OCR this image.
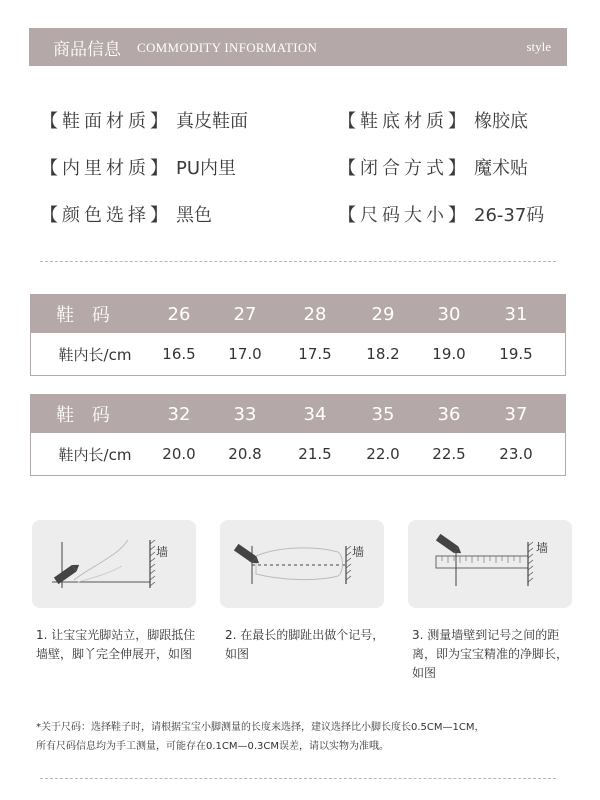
商品信息 COMMODITY INFORMATION	style
【鞋面材质】 真皮鞋面	【鞋底材质】 橡胶底
【内里材质】 PU内里	【闭合方式】 魔术贴
【颜色选择】 黑色	【尺码大小】 26-37码
鞋 码	26	27	28	29	30	31
鞋内长/cm	16.5	17.0	17.5	18.2	19.0	19.5
鞋 码	32	33	34	35	36	37
鞋内长/cm	20.0	20.8	21.5	22.0	22.5	23.0
墙	墙	墙
1. 让宝宝光脚站立，脚跟抵住墙壁，脚丫完全伸展开，如图
2. 在最长的脚趾出做个记号，如图
3. 测量墙壁到记号之间的距离，即为宝宝精准的净脚长，如图
*关于尺码：选择鞋子时，请根据宝宝小脚测量的长度来选择，建议选择比小脚长度长0.5CM—1CM，
所有尺码信息均为手工测量，可能存在0.1CM—0.3CM误差，请以实物为准哦。
